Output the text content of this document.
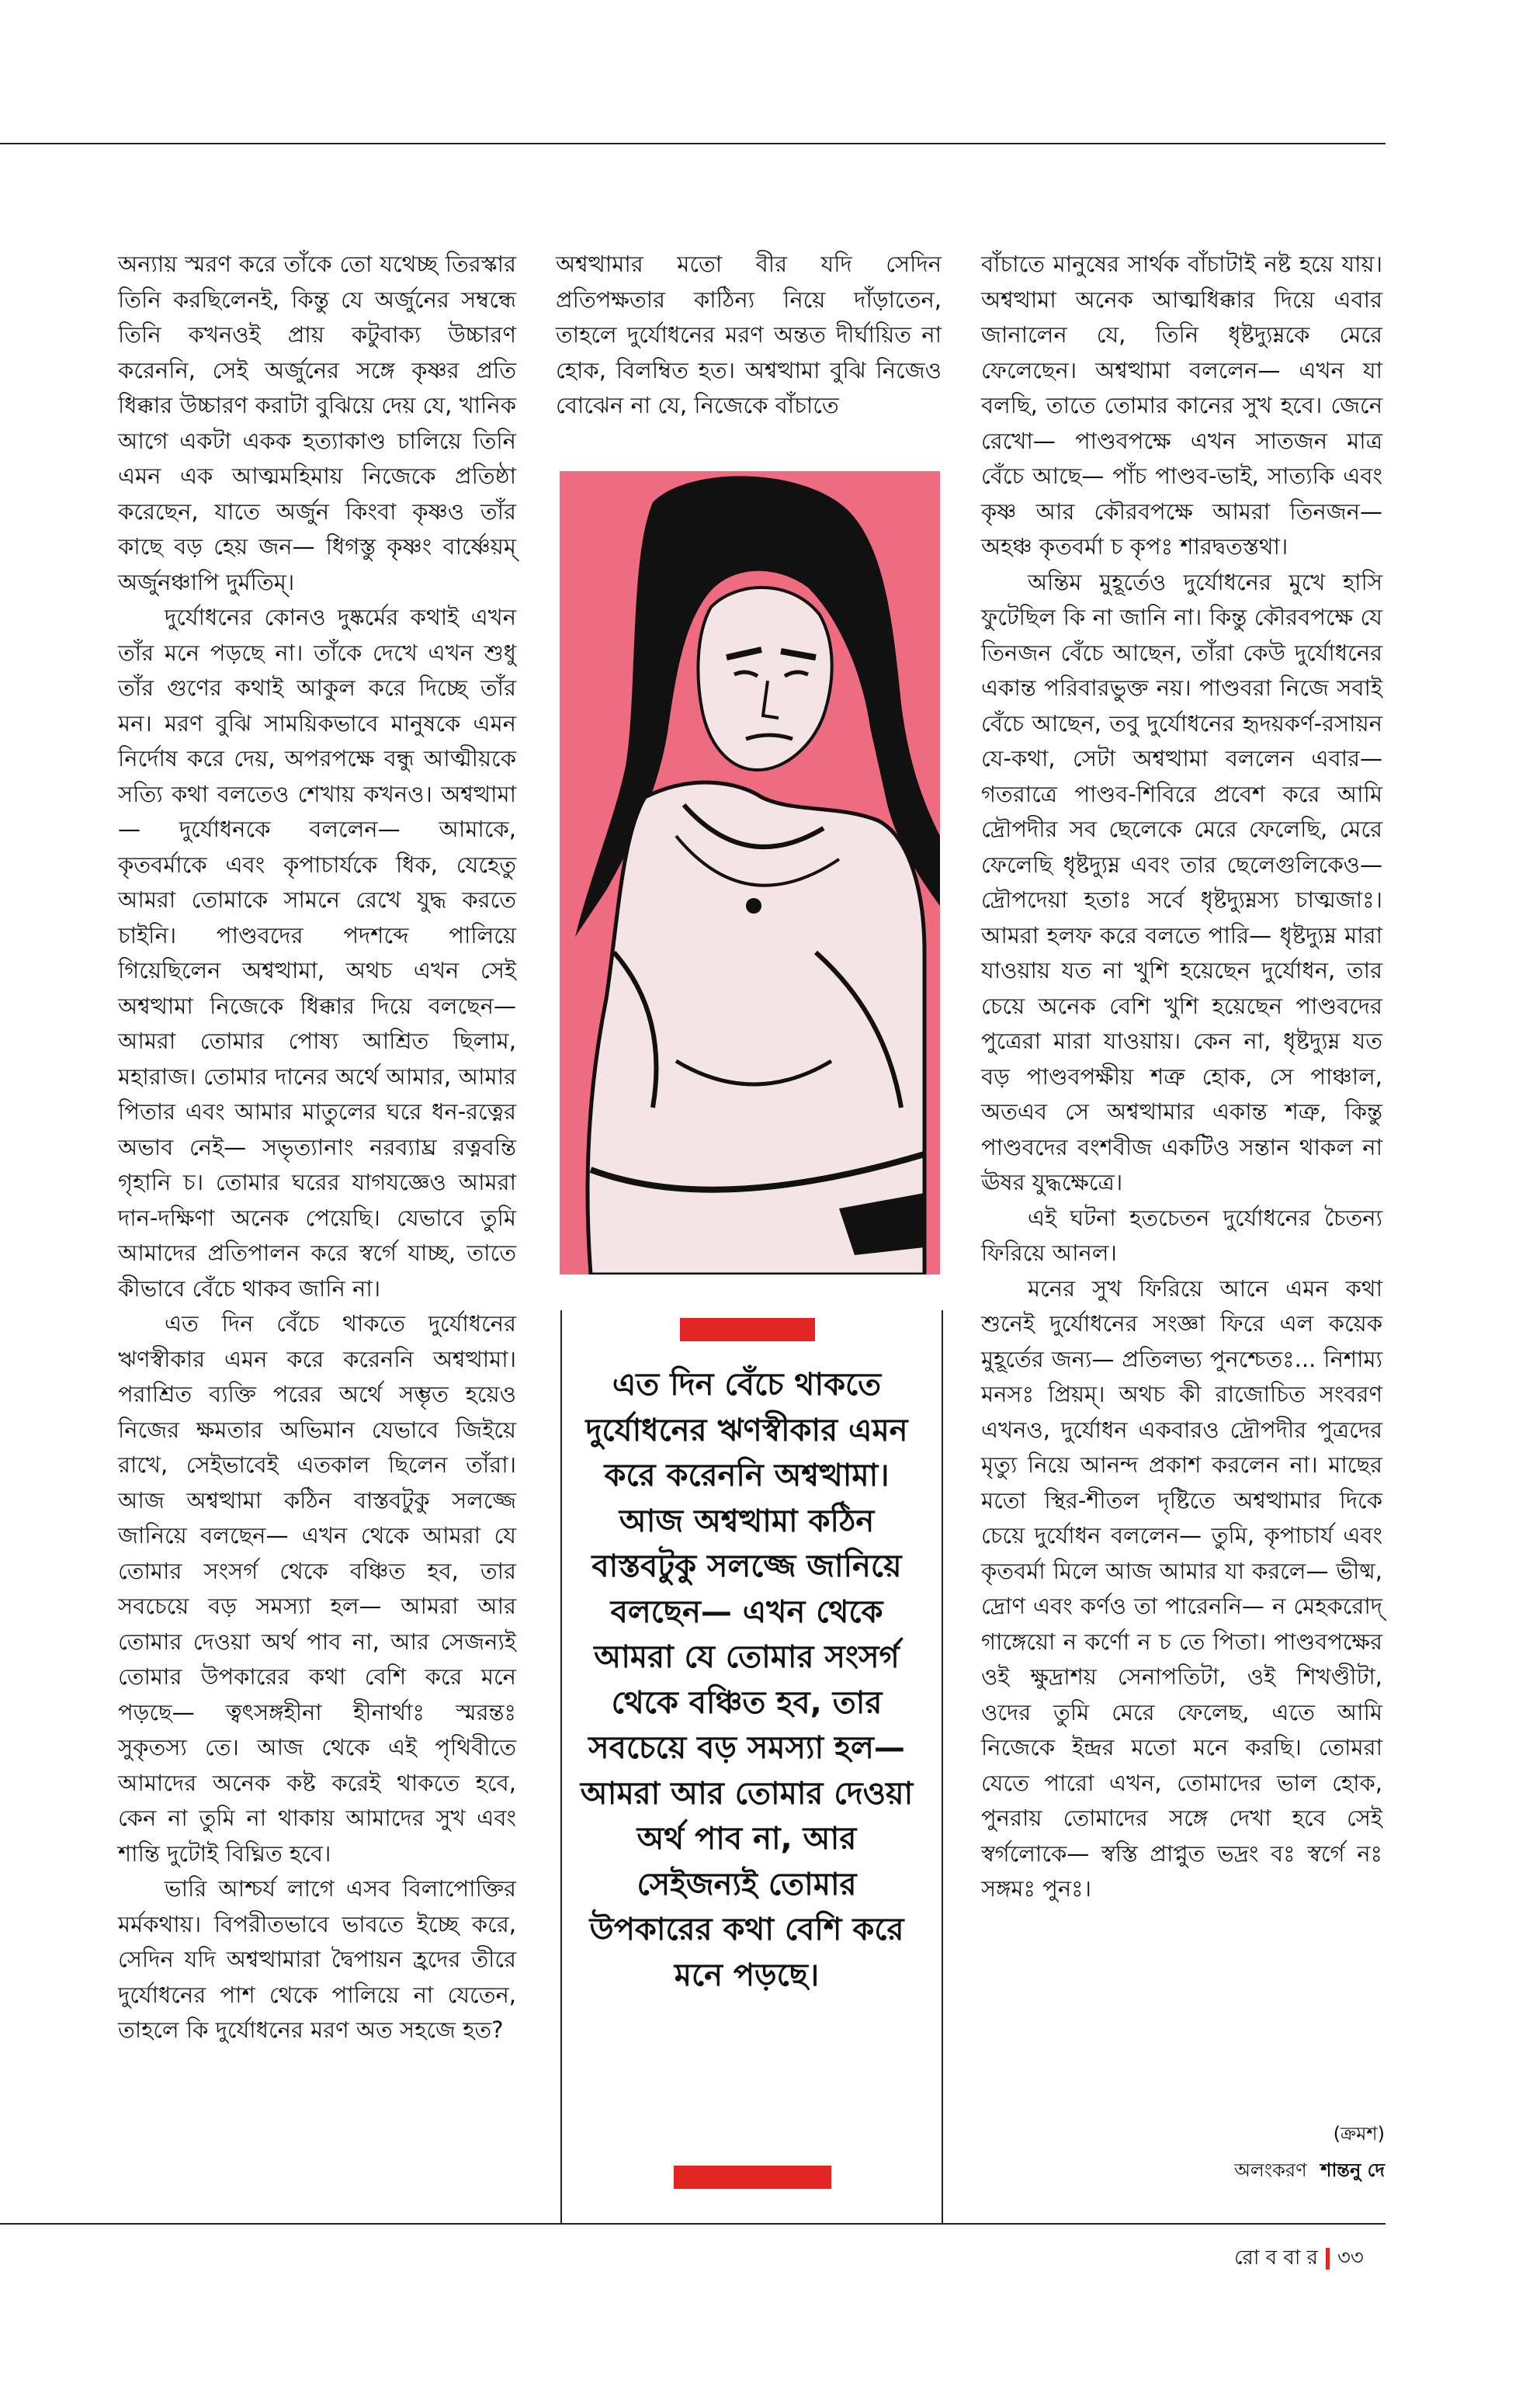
অন্যায় স্মরণ করে তাঁকে তো যথেচ্ছ তিরস্কার তিনি করছিলেনই, কিন্তু যে অর্জুনের সম্বন্ধে তিনি কখনওই প্রায় কটুবাক্য উচ্চারণ করেননি, সেই অর্জুনের সঙ্গে কৃষ্ণর প্রতি ধিক্কার উচ্চারণ করাটা বুঝিয়ে দেয় যে, খানিক আগে একটা একক হত্যাকাণ্ড চালিয়ে তিনি এমন এক আত্মমহিমায় নিজেকে প্রতিষ্ঠা করেছেন, যাতে অর্জুন কিংবা কৃষ্ণও তাঁর কাছে বড় হেয় জন— ধিগস্তু কৃষ্ণং বার্ষ্ণেয়ম্‌ অর্জুনঞ্চাপি দুর্মতিম্‌।

দুর্যোধনের কোনও দুষ্কর্মের কথাই এখন তাঁর মনে পড়ছে না। তাঁকে দেখে এখন শুধু তাঁর গুণের কথাই আকুল করে দিচ্ছে তাঁর মন। মরণ বুঝি সাময়িকভাবে মানুষকে এমন নির্দোষ করে দেয়, অপরপক্ষে বন্ধু আত্মীয়কে সত্যি কথা বলতেও শেখায় কখনও। অশ্বত্থামা— দুর্যোধনকে বললেন— আমাকে, কৃতবর্মাকে এবং কৃপাচার্যকে ধিক, যেহেতু আমরা তোমাকে সামনে রেখে যুদ্ধ করতে চাইনি। পাণ্ডবদের পদশব্দে পালিয়ে গিয়েছিলেন অশ্বত্থামা, অথচ এখন সেই অশ্বত্থামা নিজেকে ধিক্কার দিয়ে বলছেন— আমরা তোমার পোষ্য আশ্রিত ছিলাম, মহারাজ। তোমার দানের অর্থে আমার, আমার পিতার এবং আমার মাতুলের ঘরে ধন-রত্নের অভাব নেই— সভৃত্যানাং নরব্যাঘ্র রত্নবন্তি গৃহানি চ। তোমার ঘরের যাগযজ্ঞেও আমরা দান-দক্ষিণা অনেক পেয়েছি। যেভাবে তুমি আমাদের প্রতিপালন করে স্বর্গে যাচ্ছ, তাতে কীভাবে বেঁচে থাকব জানি না।

এত দিন বেঁচে থাকতে দুর্যোধনের ঋণস্বীকার এমন করে করেননি অশ্বত্থামা। পরাশ্রিত ব্যক্তি পরের অর্থে সম্ভৃত হয়েও নিজের ক্ষমতার অভিমান যেভাবে জিইয়ে রাখে, সেইভাবেই এতকাল ছিলেন তাঁরা। আজ অশ্বত্থামা কঠিন বাস্তবটুকু সলজ্জে জানিয়ে বলছেন— এখন থেকে আমরা যে তোমার সংসর্গ থেকে বঞ্চিত হব, তার সবচেয়ে বড় সমস্যা হল— আমরা আর তোমার দেওয়া অর্থ পাব না, আর সেজন্যই তোমার উপকারের কথা বেশি করে মনে পড়ছে— ত্বৎসঙ্গহীনা হীনার্থাঃ স্মরন্তঃ সুকৃতস্য তে। আজ থেকে এই পৃথিবীতে আমাদের অনেক কষ্ট করেই থাকতে হবে, কেন না তুমি না থাকায় আমাদের সুখ এবং শান্তি দুটোই বিঘ্নিত হবে।

ভারি আশ্চর্য লাগে এসব বিলাপোক্তির মর্মকথায়। বিপরীতভাবে ভাবতে ইচ্ছে করে, সেদিন যদি অশ্বত্থামারা দ্বৈপায়ন হ্রদের তীরে দুর্যোধনের পাশ থেকে পালিয়ে না যেতেন, তাহলে কি দুর্যোধনের মরণ অত সহজে হত?

অশ্বত্থামার মতো বীর যদি সেদিন প্রতিপক্ষতার কাঠিন্য নিয়ে দাঁড়াতেন, তাহলে দুর্যোধনের মরণ অন্তত দীর্ঘায়িত না হোক, বিলম্বিত হত। অশ্বত্থামা বুঝি নিজেও বোঝেন না যে, নিজেকে বাঁচাতে

এত দিন বেঁচে থাকতে দুর্যোধনের ঋণস্বীকার এমন করে করেননি অশ্বত্থামা। আজ অশ্বত্থামা কঠিন বাস্তবটুকু সলজ্জে জানিয়ে বলছেন— এখন থেকে আমরা যে তোমার সংসর্গ থেকে বঞ্চিত হব, তার সবচেয়ে বড় সমস্যা হল— আমরা আর তোমার দেওয়া অর্থ পাব না, আর সেইজন্যই তোমার উপকারের কথা বেশি করে মনে পড়ছে।

বাঁচাতে মানুষের সার্থক বাঁচাটাই নষ্ট হয়ে যায়। অশ্বত্থামা অনেক আত্মধিক্কার দিয়ে এবার জানালেন যে, তিনি ধৃষ্টদ্যুম্নকে মেরে ফেলেছেন। অশ্বত্থামা বললেন— এখন যা বলছি, তাতে তোমার কানের সুখ হবে। জেনে রেখো— পাণ্ডবপক্ষে এখন সাতজন মাত্র বেঁচে আছে— পাঁচ পাণ্ডব-ভাই, সাত্যকি এবং কৃষ্ণ আর কৌরবপক্ষে আমরা তিনজন— অহঞ্চ কৃতবর্মা চ কৃপঃ শারদ্বতস্তথা।

অন্তিম মুহূর্তেও দুর্যোধনের মুখে হাসি ফুটেছিল কি না জানি না। কিন্তু কৌরবপক্ষে যে তিনজন বেঁচে আছেন, তাঁরা কেউ দুর্যোধনের একান্ত পরিবারভুক্ত নয়। পাণ্ডবরা নিজে সবাই বেঁচে আছেন, তবু দুর্যোধনের হৃদয়কর্ণ-রসায়ন যে-কথা, সেটা অশ্বত্থামা বললেন এবার— গতরাত্রে পাণ্ডব-শিবিরে প্রবেশ করে আমি দ্রৌপদীর সব ছেলেকে মেরে ফেলেছি, মেরে ফেলেছি ধৃষ্টদ্যুম্ন এবং তার ছেলেগুলিকেও— দ্রৌপদেয়া হতাঃ সর্বে ধৃষ্টদ্যুম্নস্য চাত্মজাঃ। আমরা হলফ করে বলতে পারি— ধৃষ্টদ্যুম্ন মারা যাওয়ায় যত না খুশি হয়েছেন দুর্যোধন, তার চেয়ে অনেক বেশি খুশি হয়েছেন পাণ্ডবদের পুত্রেরা মারা যাওয়ায়। কেন না, ধৃষ্টদ্যুম্ন যত বড় পাণ্ডবপক্ষীয় শত্রু হোক, সে পাঞ্চাল, অতএব সে অশ্বত্থামার একান্ত শত্রু, কিন্তু পাণ্ডবদের বংশবীজ একটিও সন্তান থাকল না ঊষর যুদ্ধক্ষেত্রে।

এই ঘটনা হতচেতন দুর্যোধনের চৈতন্য ফিরিয়ে আনল।

মনের সুখ ফিরিয়ে আনে এমন কথা শুনেই দুর্যোধনের সংজ্ঞা ফিরে এল কয়েক মুহূর্তের জন্য— প্রতিলভ্য পুনশ্চেতঃ... নিশাম্য মনসঃ প্রিয়ম্‌। অথচ কী রাজোচিত সংবরণ এখনও, দুর্যোধন একবারও দ্রৌপদীর পুত্রদের মৃত্যু নিয়ে আনন্দ প্রকাশ করলেন না। মাছের মতো স্থির-শীতল দৃষ্টিতে অশ্বত্থামার দিকে চেয়ে দুর্যোধন বললেন— তুমি, কৃপাচার্য এবং কৃতবর্মা মিলে আজ আমার যা করলে— ভীষ্ম, দ্রোণ এবং কর্ণও তা পারেননি— ন মেহকরোদ্‌ গাঙ্গেয়ো ন কর্ণো ন চ তে পিতা। পাণ্ডবপক্ষের ওই ক্ষুদ্রাশয় সেনাপতিটা, ওই শিখণ্ডীটা, ওদের তুমি মেরে ফেলেছ, এতে আমি নিজেকে ইন্দ্রর মতো মনে করছি। তোমরা যেতে পারো এখন, তোমাদের ভাল হোক, পুনরায় তোমাদের সঙ্গে দেখা হবে সেই স্বর্গলোকে— স্বস্তি প্রাপ্নুত ভদ্রং বঃ স্বর্গে নঃ সঙ্গমঃ পুনঃ।

(ক্রমশ)
অলংকরণ শান্তনু দে
রো ব বা র ৩৩
